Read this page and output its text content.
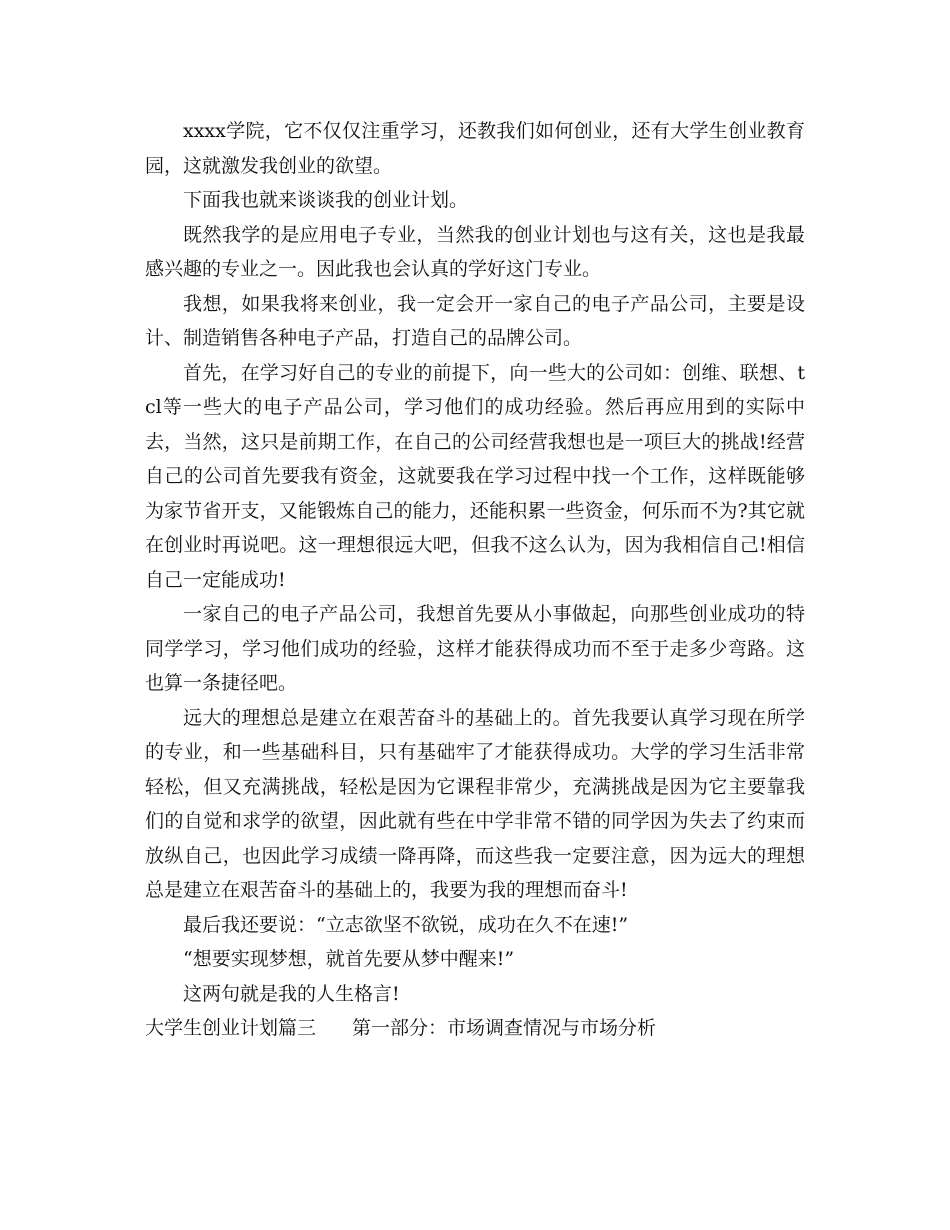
xxxx学院，它不仅仅注重学习，还教我们如何创业，还有大学生创业教育园，这就激发我创业的欲望。

下面我也就来谈谈我的创业计划。

既然我学的是应用电子专业，当然我的创业计划也与这有关，这也是我最感兴趣的专业之一。因此我也会认真的学好这门专业。

我想，如果我将来创业，我一定会开一家自己的电子产品公司，主要是设计、制造销售各种电子产品，打造自己的品牌公司。

首先，在学习好自己的专业的前提下，向一些大的公司如：创维、联想、tcl等一些大的电子产品公司，学习他们的成功经验。然后再应用到的实际中去，当然，这只是前期工作，在自己的公司经营我想也是一项巨大的挑战!经营自己的公司首先要我有资金，这就要我在学习过程中找一个工作，这样既能够为家节省开支，又能锻炼自己的能力，还能积累一些资金，何乐而不为?其它就在创业时再说吧。这一理想很远大吧，但我不这么认为，因为我相信自己!相信自己一定能成功!

一家自己的电子产品公司，我想首先要从小事做起，向那些创业成功的特同学学习，学习他们成功的经验，这样才能获得成功而不至于走多少弯路。这也算一条捷径吧。

远大的理想总是建立在艰苦奋斗的基础上的。首先我要认真学习现在所学的专业，和一些基础科目，只有基础牢了才能获得成功。大学的学习生活非常轻松，但又充满挑战，轻松是因为它课程非常少，充满挑战是因为它主要靠我们的自觉和求学的欲望，因此就有些在中学非常不错的同学因为失去了约束而放纵自己，也因此学习成绩一降再降，而这些我一定要注意，因为远大的理想总是建立在艰苦奋斗的基础上的，我要为我的理想而奋斗!

最后我还要说：“立志欲坚不欲锐，成功在久不在速!”

“想要实现梦想，就首先要从梦中醒来!”

这两句就是我的人生格言!

大学生创业计划篇三 第一部分：市场调查情况与市场分析
